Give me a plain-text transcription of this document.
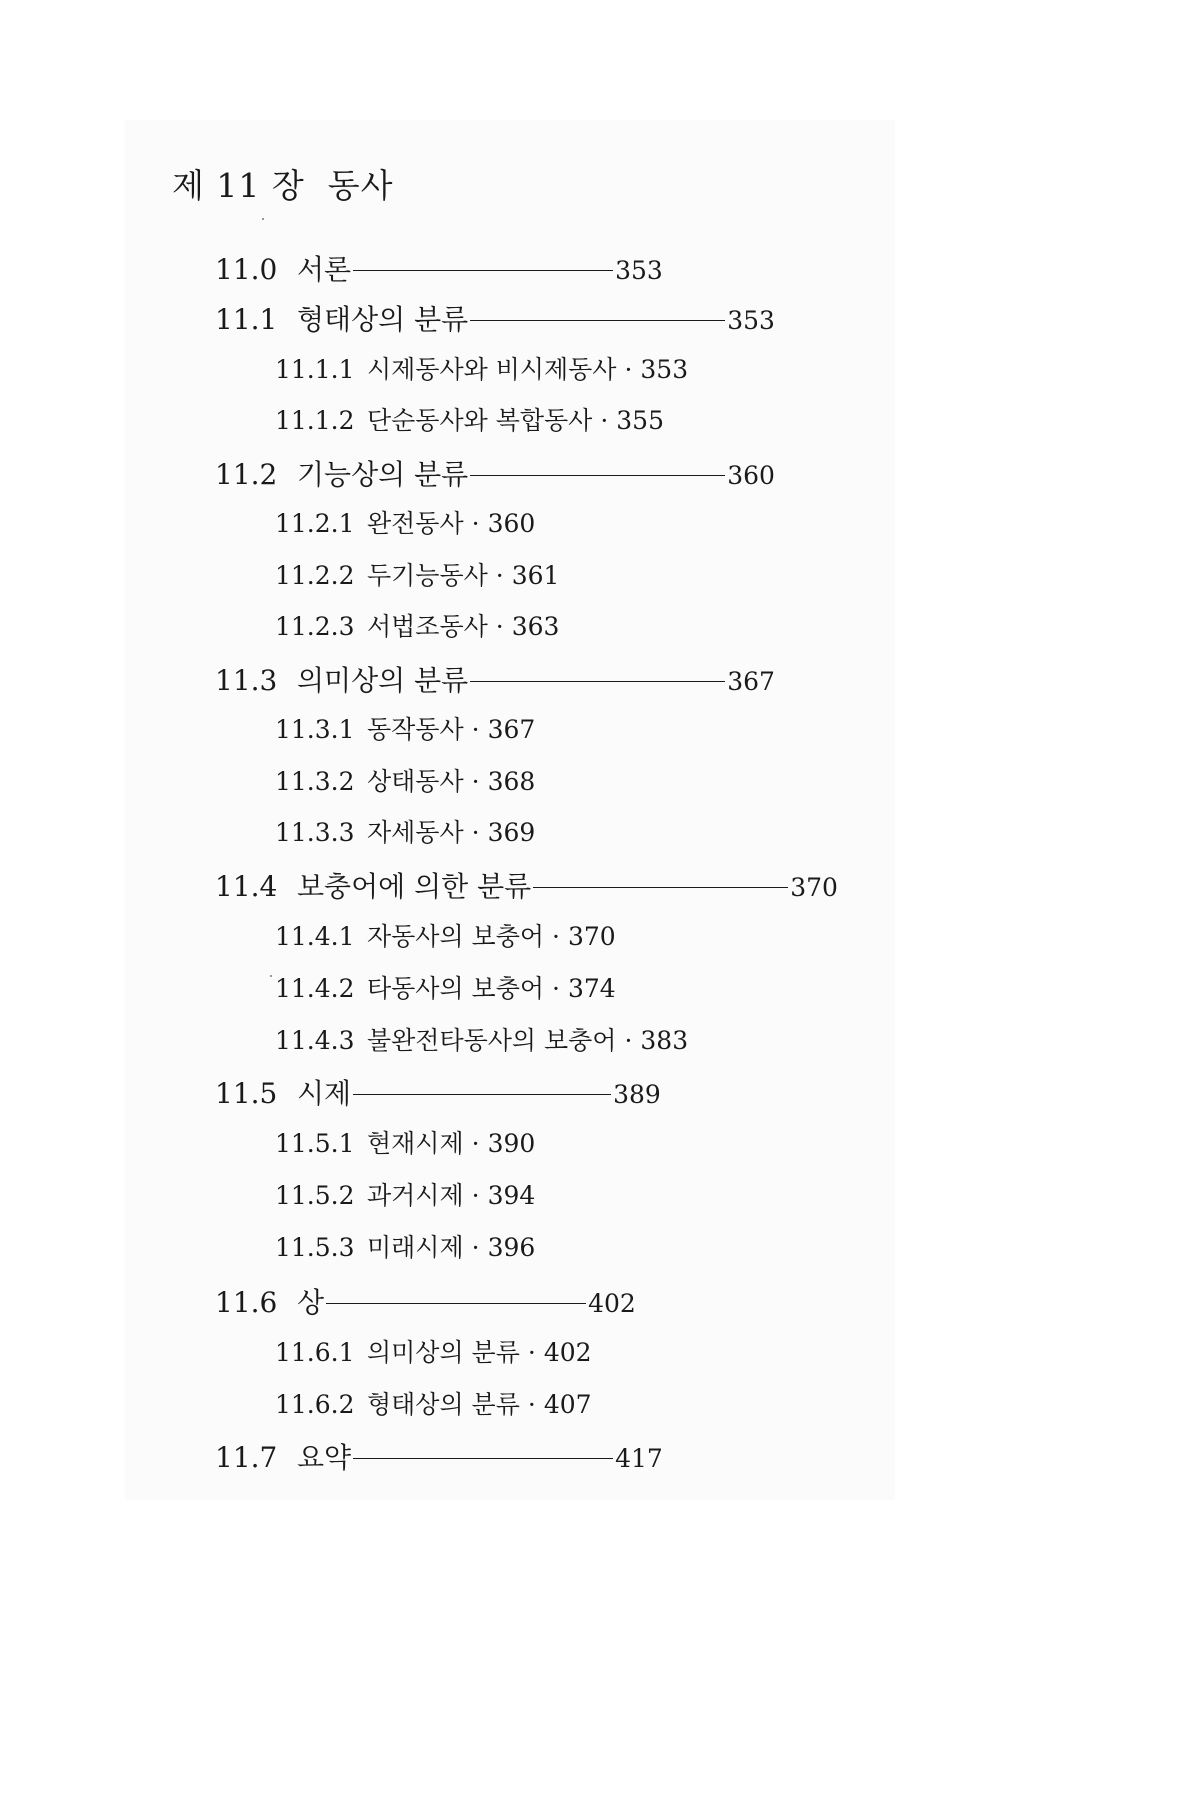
제 11 장  동사
11.0 서론	353
11.1 형태상의 분류	353
11.1.1 시제동사와 비시제동사 · 353
11.1.2 단순동사와 복합동사 · 355
11.2 기능상의 분류	360
11.2.1 완전동사 · 360
11.2.2 두기능동사 · 361
11.2.3 서법조동사 · 363
11.3 의미상의 분류	367
11.3.1 동작동사 · 367
11.3.2 상태동사 · 368
11.3.3 자세동사 · 369
11.4 보충어에 의한 분류	370
11.4.1 자동사의 보충어 · 370
11.4.2 타동사의 보충어 · 374
11.4.3 불완전타동사의 보충어 · 383
11.5 시제	389
11.5.1 현재시제 · 390
11.5.2 과거시제 · 394
11.5.3 미래시제 · 396
11.6 상	402
11.6.1 의미상의 분류 · 402
11.6.2 형태상의 분류 · 407
11.7 요약	417
